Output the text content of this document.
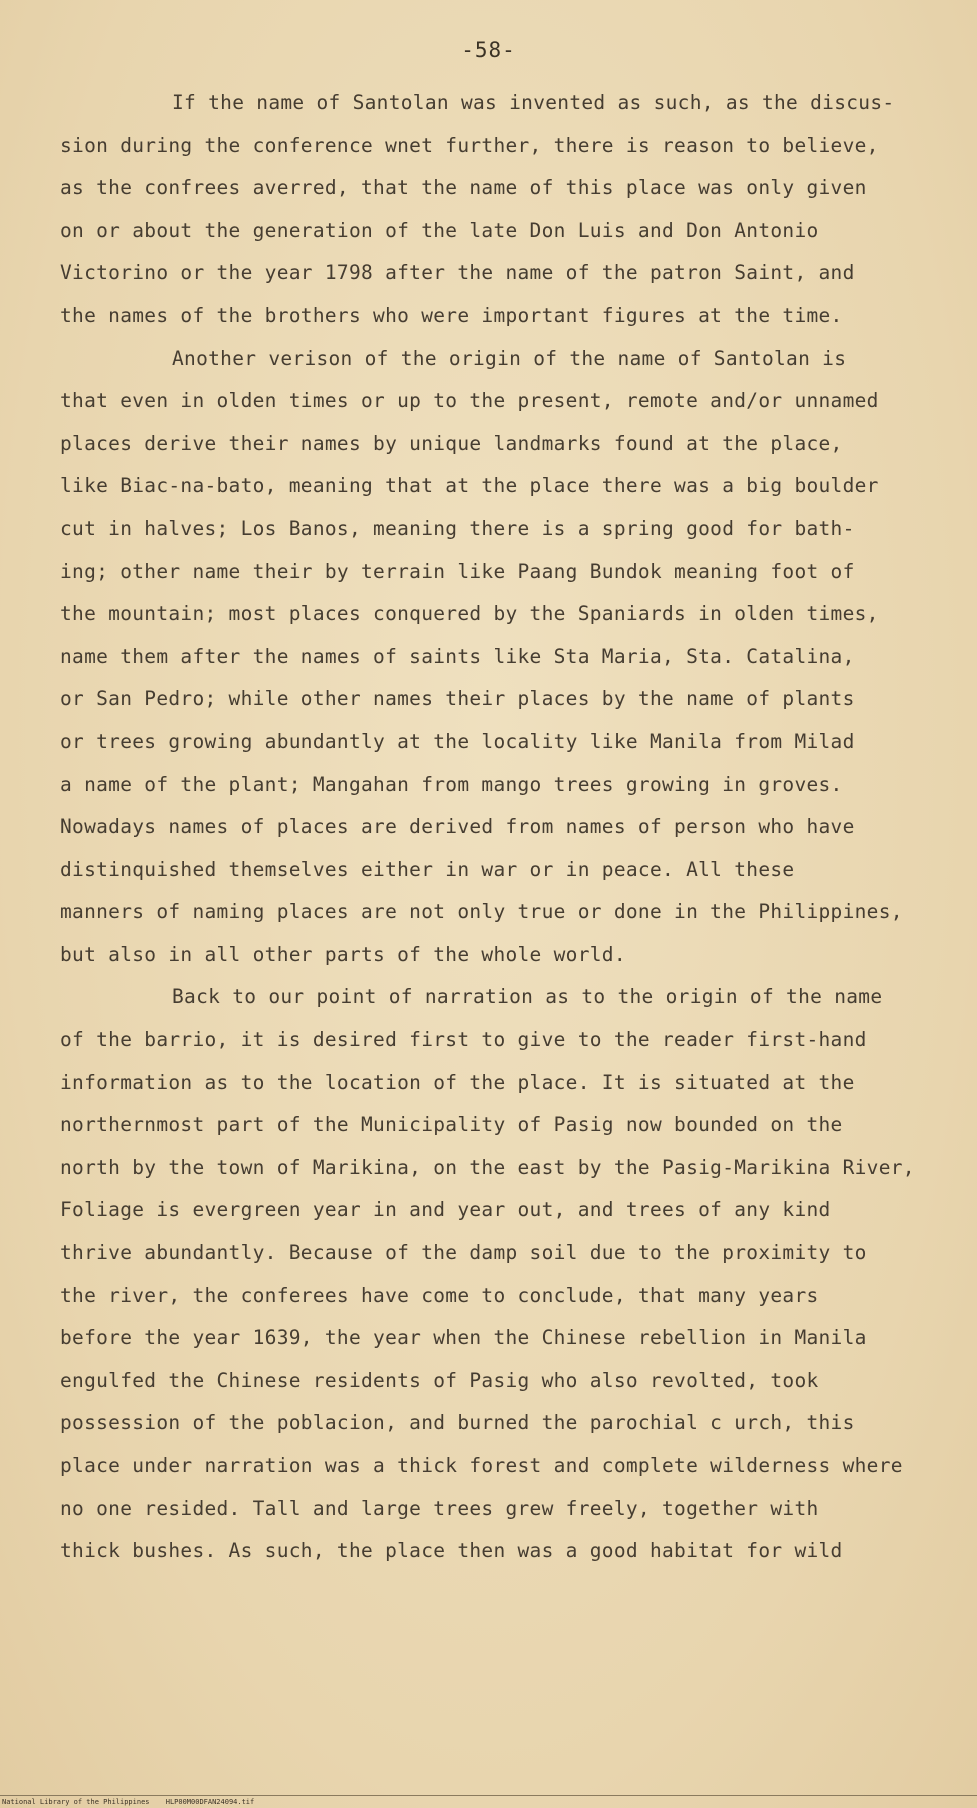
-58-
If the name of Santolan was invented as such, as the discus-
sion during the conference wnet further, there is reason to believe,
as the confrees averred, that the name of this place was only given
on or about the generation of the late Don Luis and Don Antonio
Victorino or the year 1798 after the name of the patron Saint, and
the names of the brothers who were important figures at the time.
Another verison of the origin of the name of Santolan is
that even in olden times or up to the present, remote and/or unnamed
places derive their names by unique landmarks found at the place,
like Biac-na-bato, meaning that at the place there was a big boulder
cut in halves; Los Banos, meaning there is a spring good for bath-
ing; other name their by terrain like Paang Bundok meaning foot of
the mountain; most places conquered by the Spaniards in olden times,
name them after the names of saints like Sta Maria, Sta. Catalina,
or San Pedro; while other names their places by the name of plants
or trees growing abundantly at the locality like Manila from Milad
a name of the plant; Mangahan from mango trees growing in groves.
Nowadays names of places are derived from names of person who have
distinquished themselves either in war or in peace. All these
manners of naming places are not only true or done in the Philippines,
but also in all other parts of the whole world.
Back to our point of narration as to the origin of the name
of the barrio, it is desired first to give to the reader first-hand
information as to the location of the place. It is situated at the
northernmost part of the Municipality of Pasig now bounded on the
north by the town of Marikina, on the east by the Pasig-Marikina River,
Foliage is evergreen year in and year out, and trees of any kind
thrive abundantly. Because of the damp soil due to the proximity to
the river, the conferees have come to conclude, that many years
before the year 1639, the year when the Chinese rebellion in Manila
engulfed the Chinese residents of Pasig who also revolted, took
possession of the poblacion, and burned the parochial c urch, this
place under narration was a thick forest and complete wilderness where
no one resided. Tall and large trees grew freely, together with
thick bushes. As such, the place then was a good habitat for wild
National Library of the Philippines HLP00M00DFAN24094.tif
